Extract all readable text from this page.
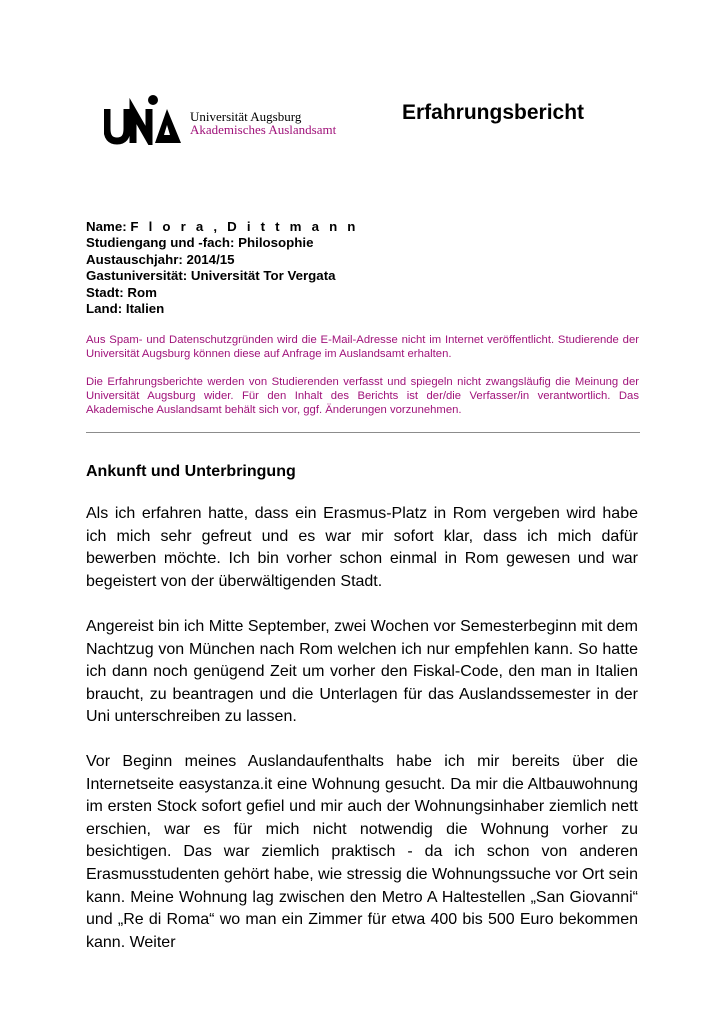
Universität Augsburg
Akademisches Auslandsamt
Erfahrungsbericht
Name: F l o r a , D i t t m a n n
Studiengang und -fach: Philosophie
Austauschjahr: 2014/15
Gastuniversität: Universität Tor Vergata
Stadt: Rom
Land: Italien
Aus Spam- und Datenschutzgründen wird die E-Mail-Adresse nicht im Internet veröffentlicht. Studierende der Universität Augsburg können diese auf Anfrage im Auslandsamt erhalten.
Die Erfahrungsberichte werden von Studierenden verfasst und spiegeln nicht zwangsläufig die Meinung der Universität Augsburg wider. Für den Inhalt des Berichts ist der/die Verfasser/in verantwortlich. Das Akademische Auslandsamt behält sich vor, ggf. Änderungen vorzunehmen.
Ankunft und Unterbringung
Als ich erfahren hatte, dass ein Erasmus-Platz in Rom vergeben wird habe ich mich sehr gefreut und es war mir sofort klar, dass ich mich dafür bewerben möchte. Ich bin vorher schon einmal in Rom gewesen und war begeistert von der überwältigenden Stadt.
Angereist bin ich Mitte September, zwei Wochen vor Semesterbeginn mit dem Nachtzug von München nach Rom welchen ich nur empfehlen kann. So hatte ich dann noch genügend Zeit um vorher den Fiskal-Code, den man in Italien braucht, zu beantragen und die Unterlagen für das Auslandssemester in der Uni unterschreiben zu lassen.
Vor Beginn meines Auslandaufenthalts habe ich mir bereits über die Internetseite easystanza.it eine Wohnung gesucht. Da mir die Altbauwohnung im ersten Stock sofort gefiel und mir auch der Wohnungsinhaber ziemlich nett erschien, war es für mich nicht notwendig die Wohnung vorher zu besichtigen. Das war ziemlich praktisch - da ich schon von anderen Erasmusstudenten gehört habe, wie stressig die Wohnungssuche vor Ort sein kann. Meine Wohnung lag zwischen den Metro A Haltestellen „San Giovanni“ und „Re di Roma“ wo man ein Zimmer für etwa 400 bis 500 Euro bekommen kann. Weiter
